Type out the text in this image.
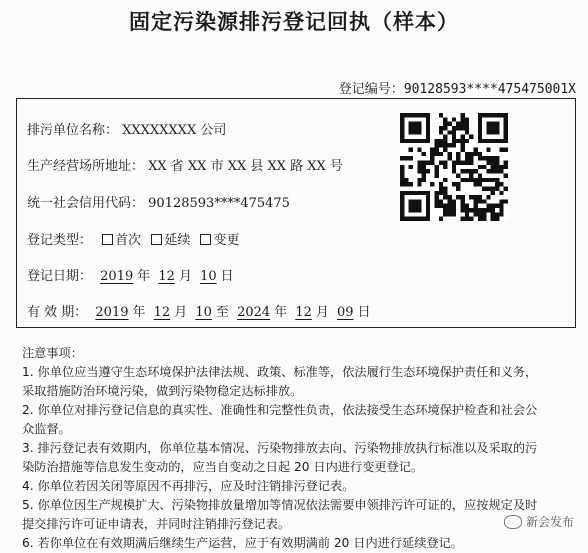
固定污染源排污登记回执（样本）
登记编号：90128593****475475001X
排污单位名称： XXXXXXXX 公司
生产经营场所地址： XX 省 XX 市 XX 县 XX 路 XX 号
统一社会信用代码： 90128593****475475
登记类型： 首次 延续 变更
登记日期： 2019 年 12 月 10 日
有 效 期： 2019 年 12 月 10 至 2024 年 12 月 09 日
注意事项：
1. 你单位应当遵守生态环境保护法律法规、政策、标准等，依法履行生态环境保护责任和义务，
采取措施防治环境污染，做到污染物稳定达标排放。
2. 你单位对排污登记信息的真实性、准确性和完整性负责，依法接受生态环境保护检查和社会公
众监督。
3. 排污登记表有效期内，你单位基本情况、污染物排放去向、污染物排放执行标准以及采取的污
染防治措施等信息发生变动的，应当自变动之日起 20 日内进行变更登记。
4. 你单位若因关闭等原因不再排污，应及时注销排污登记表。
5. 你单位因生产规模扩大、污染物排放量增加等情况依法需要申领排污许可证的，应按规定及时
提交排污许可证申请表，并同时注销排污登记表。
6. 若你单位在有效期满后继续生产运营，应于有效期满前 20 日内进行延续登记。
新会发布
